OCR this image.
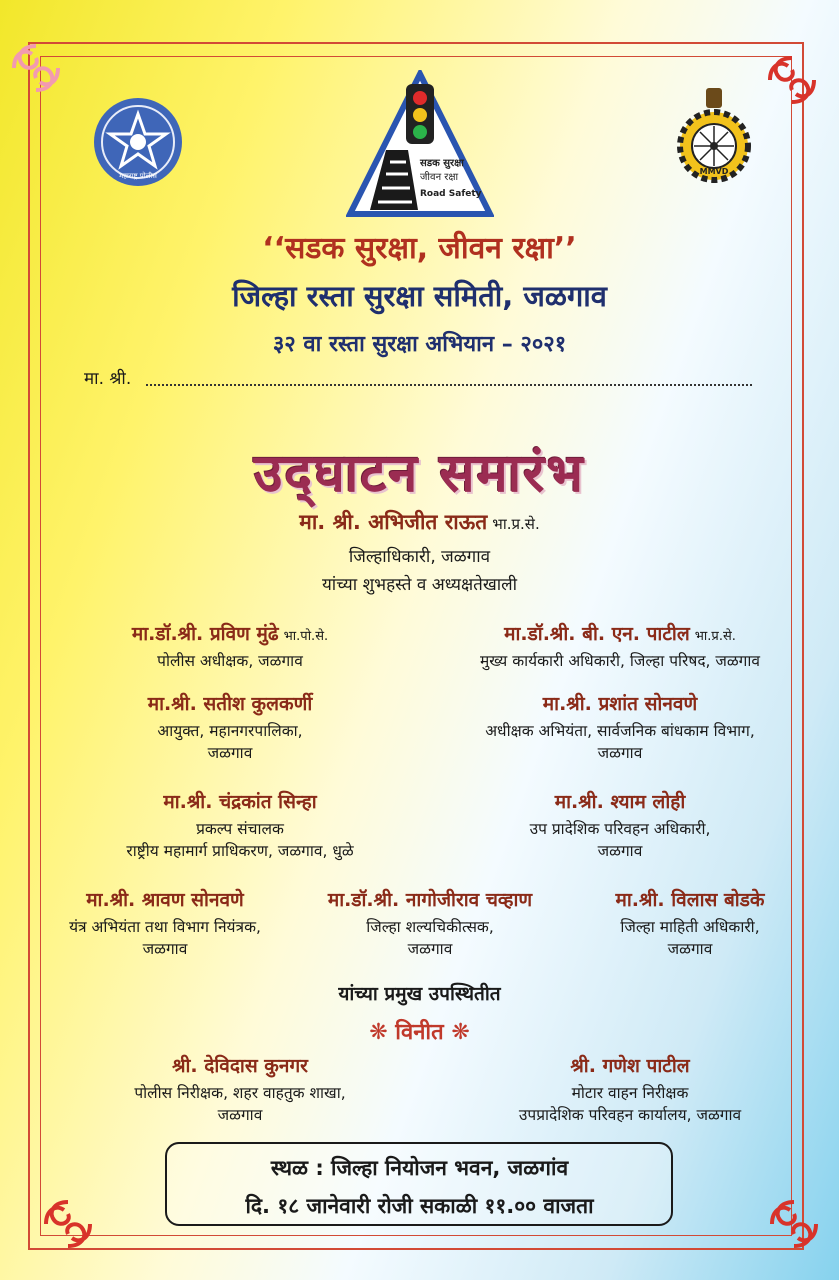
महाराष्ट्र पोलीस
सडक सुरक्षा
जीवन रक्षा
Road Safety
MMVD
‘‘सडक सुरक्षा, जीवन रक्षा’’
जिल्हा रस्ता सुरक्षा समिती, जळगाव
३२ वा रस्ता सुरक्षा अभियान – २०२१
मा. श्री.
उद्‌घाटन समारंभ
मा. श्री. अभिजीत राऊत भा.प्र.से.
जिल्हाधिकारी, जळगाव
यांच्या शुभहस्ते व अध्यक्षतेखाली
मा.डॉ.श्री. प्रविण मुंढे भा.पो.से.
पोलीस अधीक्षक, जळगाव
मा.डॉ.श्री. बी. एन. पाटील भा.प्र.से.
मुख्य कार्यकारी अधिकारी, जिल्हा परिषद, जळगाव
मा.श्री. सतीश कुलकर्णी
आयुक्त, महानगरपालिका,
जळगाव
मा.श्री. प्रशांत सोनवणे
अधीक्षक अभियंता, सार्वजनिक बांधकाम विभाग,
जळगाव
मा.श्री. चंद्रकांत सिन्हा
प्रकल्प संचालक
राष्ट्रीय महामार्ग प्राधिकरण, जळगाव, धुळे
मा.श्री. श्याम लोही
उप प्रादेशिक परिवहन अधिकारी,
जळगाव
मा.श्री. श्रावण सोनवणे
यंत्र अभियंता तथा विभाग नियंत्रक,
जळगाव
मा.डॉ.श्री. नागोजीराव चव्हाण
जिल्हा शल्यचिकीत्सक,
जळगाव
मा.श्री. विलास बोडके
जिल्हा माहिती अधिकारी,
जळगाव
यांच्या प्रमुख उपस्थितीत
❋ विनीत ❋
श्री. देविदास कुनगर
पोलीस निरीक्षक, शहर वाहतुक शाखा,
जळगाव
श्री. गणेश पाटील
मोटार वाहन निरीक्षक
उपप्रादेशिक परिवहन कार्यालय, जळगाव
स्थळ : जिल्हा नियोजन भवन, जळगांव
दि. १८ जानेवारी रोजी सकाळी ११.०० वाजता
